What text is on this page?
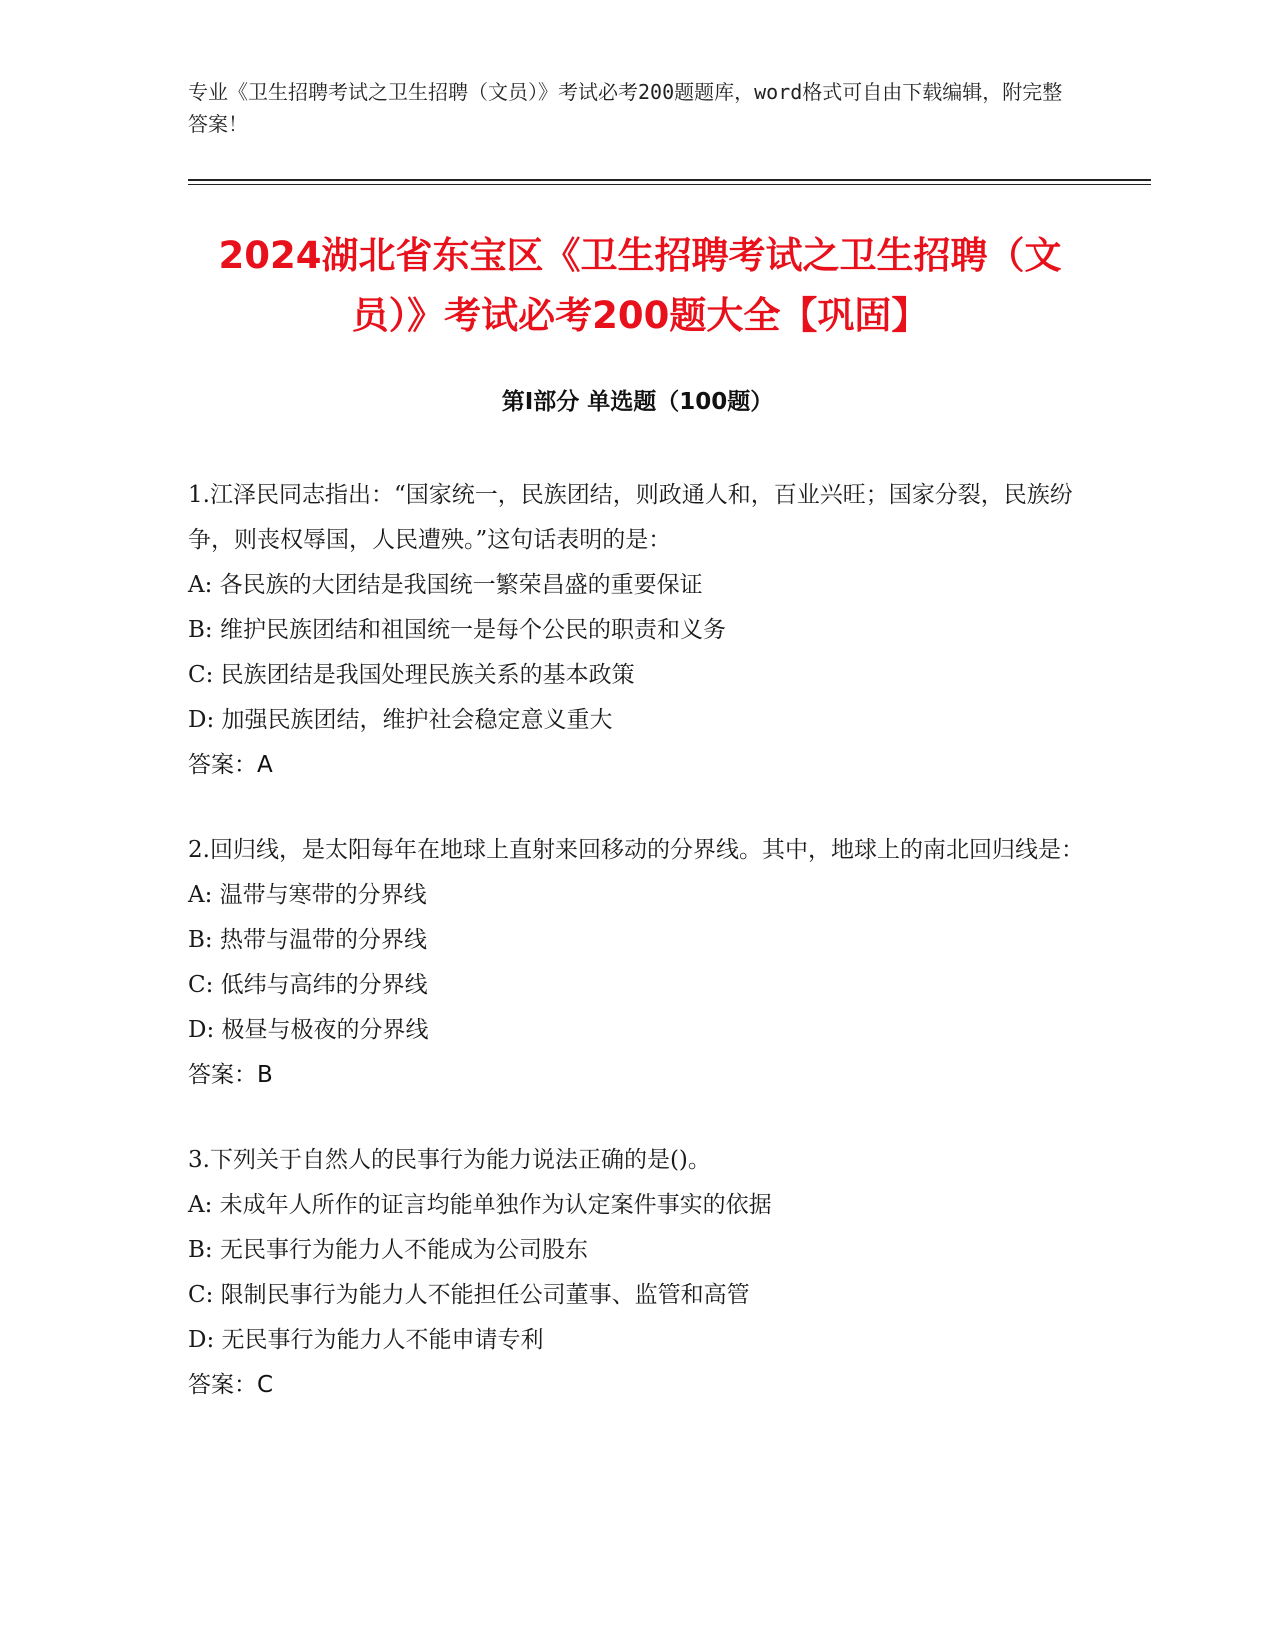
专业《卫生招聘考试之卫生招聘（文员）》考试必考200题题库，word格式可自由下载编辑，附完整答案！
2024湖北省东宝区《卫生招聘考试之卫生招聘（文员）》考试必考200题大全【巩固】
第Ⅰ部分 单选题（100题）

1.江泽民同志指出：“国家统一，民族团结，则政通人和，百业兴旺；国家分裂，民族纷争，则丧权辱国，人民遭殃。”这句话表明的是：

A: 各民族的大团结是我国统一繁荣昌盛的重要保证

B: 维护民族团结和祖国统一是每个公民的职责和义务

C: 民族团结是我国处理民族关系的基本政策

D: 加强民族团结，维护社会稳定意义重大

答案：A

2.回归线，是太阳每年在地球上直射来回移动的分界线。其中，地球上的南北回归线是：

A: 温带与寒带的分界线

B: 热带与温带的分界线

C: 低纬与高纬的分界线

D: 极昼与极夜的分界线

答案：B

3.下列关于自然人的民事行为能力说法正确的是()。

A: 未成年人所作的证言均能单独作为认定案件事实的依据

B: 无民事行为能力人不能成为公司股东

C: 限制民事行为能力人不能担任公司董事、监管和高管

D: 无民事行为能力人不能申请专利

答案：C
